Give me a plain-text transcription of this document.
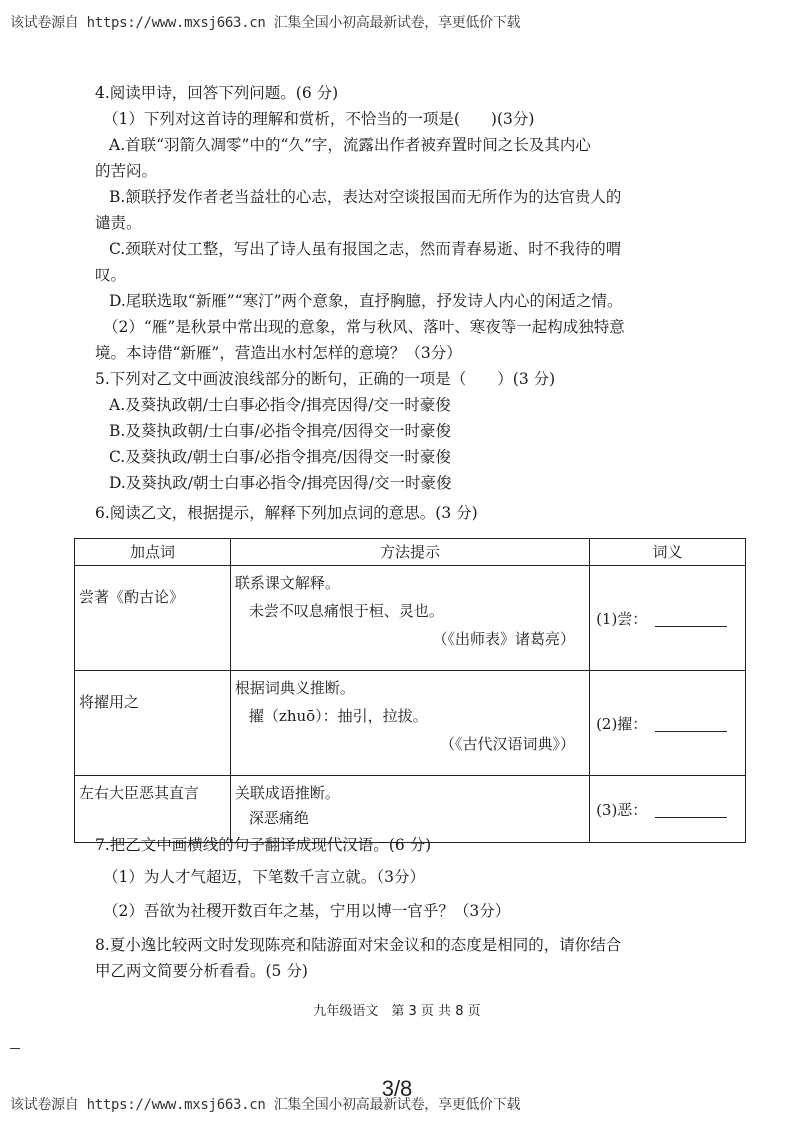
该试卷源自 https://www.mxsj663.cn 汇集全国小初高最新试卷，享更低价下载

4.阅读甲诗，回答下列问题。(6 分)

（1）下列对这首诗的理解和赏析，不恰当的一项是(　　)(3分)

A.首联“羽箭久凋零”中的“久”字，流露出作者被弃置时间之长及其内心

的苦闷。

B.颔联抒发作者老当益壮的心志，表达对空谈报国而无所作为的达官贵人的

谴责。

C.颈联对仗工整，写出了诗人虽有报国之志，然而青春易逝、时不我待的喟

叹。

D.尾联选取“新雁”“寒汀”两个意象，直抒胸臆，抒发诗人内心的闲适之情。

（2）“雁”是秋景中常出现的意象，常与秋风、落叶、寒夜等一起构成独特意

境。本诗借“新雁”，营造出水村怎样的意境？（3分）

5.下列对乙文中画波浪线部分的断句，正确的一项是（　　）(3 分)

A.及葵执政朝/士白事必指令/揖亮因得/交一时豪俊

B.及葵执政朝/士白事/必指令揖亮/因得交一时豪俊

C.及葵执政/朝士白事/必指令揖亮/因得交一时豪俊

D.及葵执政/朝士白事必指令/揖亮因得/交一时豪俊

6.阅读乙文，根据提示，解释下列加点词的意思。(3 分)

加点词	方法提示	词义
尝著《酌古论》	联系课文解释。
未尝不叹息痛恨于桓、灵也。
（《出师表》诸葛亮）	(1)尝：
将擢用之	根据词典义推断。
擢（zhuō）：抽引，拉拔。
（《古代汉语词典》）	(2)擢：
左右大臣恶其直言	关联成语推断。
深恶痛绝	(3)恶：

7.把乙文中画横线的句子翻译成现代汉语。(6 分)

（1）为人才气超迈，下笔数千言立就。（3分）

（2）吾欲为社稷开数百年之基，宁用以博一官乎？（3分）

8.夏小逸比较两文时发现陈亮和陆游面对宋金议和的态度是相同的，请你结合

甲乙两文简要分析看看。(5 分)

九年级语文　第 3 页 共 8 页
3/8
该试卷源自 https://www.mxsj663.cn 汇集全国小初高最新试卷，享更低价下载
